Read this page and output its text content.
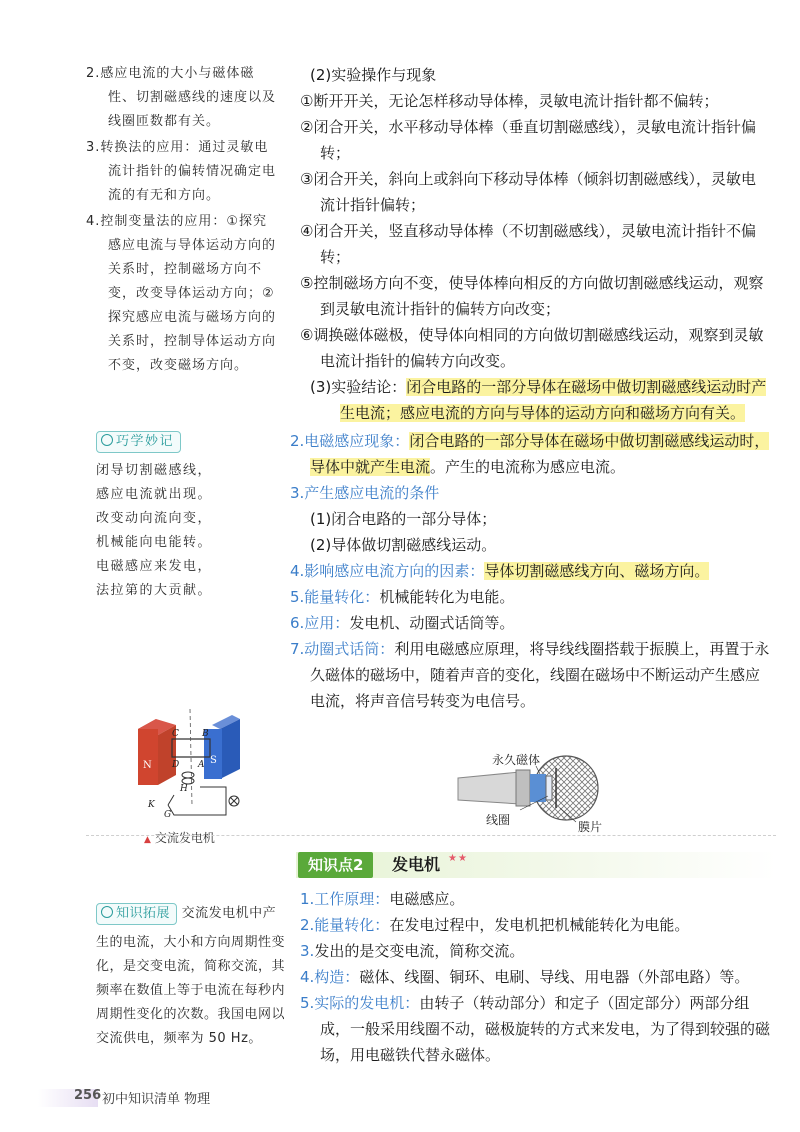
2.感应电流的大小与磁体磁性、切割磁感线的速度以及线圈匝数都有关。

3.转换法的应用：通过灵敏电流计指针的偏转情况确定电流的有无和方向。

4.控制变量法的应用：①探究感应电流与导体运动方向的关系时，控制磁场方向不变，改变导体运动方向；②探究感应电流与磁场方向的关系时，控制导体运动方向不变，改变磁场方向。

巧学妙记
闭导切割磁感线，
感应电流就出现。
改变动向流向变，
机械能向电能转。
电磁感应来发电，
法拉第的大贡献。
N	S
C	B
D A
H
K
G
▲ 交流发电机
知识拓展 交流发电机中产生的电流，大小和方向周期性变化，是交变电流，简称交流，其频率在数值上等于电流在每秒内周期性变化的次数。我国电网以交流供电，频率为 50 Hz。

(2)实验操作与现象

①断开开关，无论怎样移动导体棒，灵敏电流计指针都不偏转；

②闭合开关，水平移动导体棒（垂直切割磁感线），灵敏电流计指针偏转；

③闭合开关，斜向上或斜向下移动导体棒（倾斜切割磁感线），灵敏电流计指针偏转；

④闭合开关，竖直移动导体棒（不切割磁感线），灵敏电流计指针不偏转；

⑤控制磁场方向不变，使导体棒向相反的方向做切割磁感线运动，观察到灵敏电流计指针的偏转方向改变；

⑥调换磁体磁极，使导体向相同的方向做切割磁感线运动，观察到灵敏电流计指针的偏转方向改变。

(3)实验结论：闭合电路的一部分导体在磁场中做切割磁感线运动时产生电流；感应电流的方向与导体的运动方向和磁场方向有关。

2.电磁感应现象：闭合电路的一部分导体在磁场中做切割磁感线运动时，导体中就产生电流。产生的电流称为感应电流。

3.产生感应电流的条件

(1)闭合电路的一部分导体；

(2)导体做切割磁感线运动。

4.影响感应电流方向的因素：导体切割磁感线方向、磁场方向。

5.能量转化：机械能转化为电能。

6.应用：发电机、动圈式话筒等。

7.动圈式话筒：利用电磁感应原理，将导线线圈搭载于振膜上，再置于永久磁体的磁场中，随着声音的变化，线圈在磁场中不断运动产生感应电流，将声音信号转变为电信号。

永久磁体
线圈	膜片
知识点2	发电机 ★★

1.工作原理：电磁感应。

2.能量转化：在发电过程中，发电机把机械能转化为电能。

3.发出的是交变电流，简称交流。

4.构造：磁体、线圈、铜环、电刷、导线、用电器（外部电路）等。

5.实际的发电机：由转子（转动部分）和定子（固定部分）两部分组成，一般采用线圈不动，磁极旋转的方式来发电，为了得到较强的磁场，用电磁铁代替永磁体。

256 初中知识清单 物理
